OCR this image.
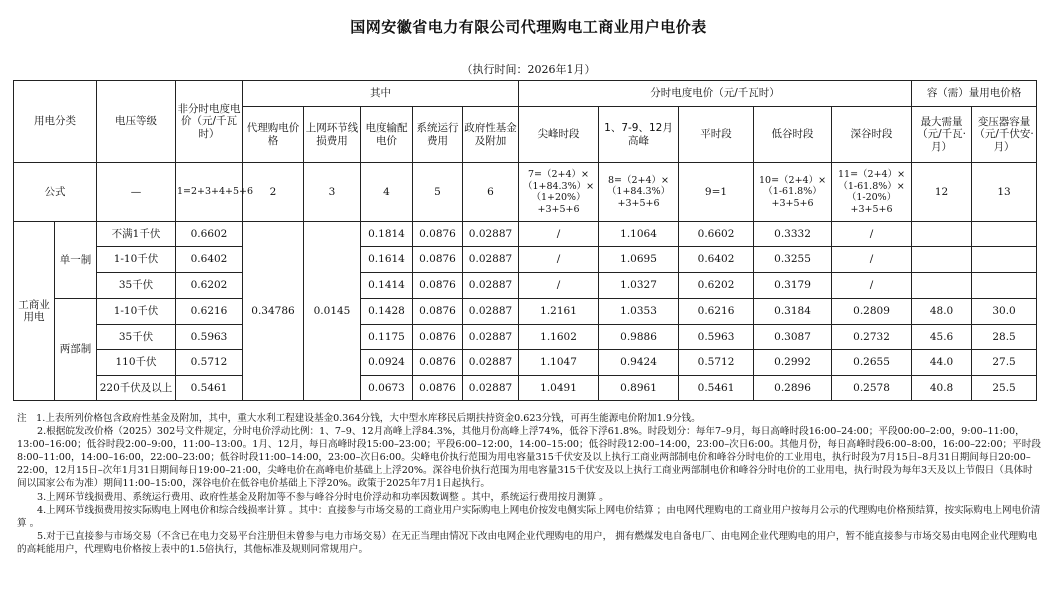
国网安徽省电力有限公司代理购电工商业用户电价表
（执行时间：2026年1月）
用电分类		电压等级	非分时电度电价（元/千瓦时）	其中					分时电度电价（元/千瓦时）					容（需）量用电价格	
				代理购电价格	上网环节线损费用	电度输配电价	系统运行费用	政府性基金及附加	尖峰时段	1、7-9、12月高峰	平时段	低谷时段	深谷时段	最大需量（元/千瓦·月）	变压器容量（元/千伏安·月）

公式		—	1=2+3+4+5+6	2	3	4	5	6	7=（2+4）×（1+84.3%）×（1+20%）+3+5+6	8=（2+4）×（1+84.3%）+3+5+6	9=1	10=（2+4）×（1-61.8%）+3+5+6	11=（2+4）×（1-61.8%）×（1-20%）+3+5+6	12	13
工商业用电	单一制	不满1千伏	0.6602	0.34786	0.0145	0.1814	0.0876	0.02887	/	1.1064	0.6602	0.3332	/		
		1-10千伏	0.6402			0.1614	0.0876	0.02887	/	1.0695	0.6402	0.3255	/		
		35千伏	0.6202			0.1414	0.0876	0.02887	/	1.0327	0.6202	0.3179	/		
	两部制	1-10千伏	0.6216			0.1428	0.0876	0.02887	1.2161	1.0353	0.6216	0.3184	0.2809	48.0	30.0
		35千伏	0.5963			0.1175	0.0876	0.02887	1.1602	0.9886	0.5963	0.3087	0.2732	45.6	28.5
		110千伏	0.5712			0.0924	0.0876	0.02887	1.1047	0.9424	0.5712	0.2992	0.2655	44.0	27.5
		220千伏及以上	0.5461			0.0673	0.0876	0.02887	1.0491	0.8961	0.5461	0.2896	0.2578	40.8	25.5

注　1.上表所列价格包含政府性基金及附加，其中，重大水利工程建设基金0.364分钱，大中型水库移民后期扶持资金0.623分钱，可再生能源电价附加1.9分钱。

2.根据皖发改价格（2025）302号文件规定，分时电价浮动比例：1、7–9、12月高峰上浮84.3%，其他月份高峰上浮74%，低谷下浮61.8%。时段划分：每年7–9月，每日高峰时段16:00–24:00；平段00:00–2:00，9:00–11:00，13:00–16:00；低谷时段2:00–9:00，11:00–13:00。1月、12月，每日高峰时段15:00–23:00；平段6:00–12:00，14:00–15:00；低谷时段12:00–14:00，23:00–次日6:00。其他月份，每日高峰时段6:00–8:00，16:00–22:00；平时段8:00–11:00，14:00–16:00，22:00–23:00；低谷时段11:00–14:00，23:00–次日6:00。尖峰电价执行范围为用电容量315千伏安及以上执行工商业两部制电价和峰谷分时电价的工业用电，执行时段为7月15日–8月31日期间每日20:00–22:00，12月15日–次年1月31日期间每日19:00–21:00，尖峰电价在高峰电价基础上上浮20%。深谷电价执行范围为用电容量315千伏安及以上执行工商业两部制电价和峰谷分时电价的工业用电，执行时段为每年3天及以上节假日（具体时间以国家公布为准）期间11:00–15:00，深谷电价在低谷电价基础上下浮20%。政策于2025年7月1日起执行。

3.上网环节线损费用、系统运行费用、政府性基金及附加等不参与峰谷分时电价浮动和功率因数调整 。其中，系统运行费用按月测算 。

4.上网环节线损费用按实际购电上网电价和综合线损率计算 。其中：直接参与市场交易的工商业用户实际购电上网电价按发电侧实际上网电价结算 ；由电网代理购电的工商业用户按每月公示的代理购电价格预结算，按实际购电上网电价清算 。

5.对于已直接参与市场交易（不含已在电力交易平台注册但未曾参与电力市场交易）在无正当理由情况下改由电网企业代理购电的用户， 拥有燃煤发电自备电厂、由电网企业代理购电的用户，暂不能直接参与市场交易由电网企业代理购电的高耗能用户，代理购电价格按上表中的1.5倍执行，其他标准及规则同常规用户。
